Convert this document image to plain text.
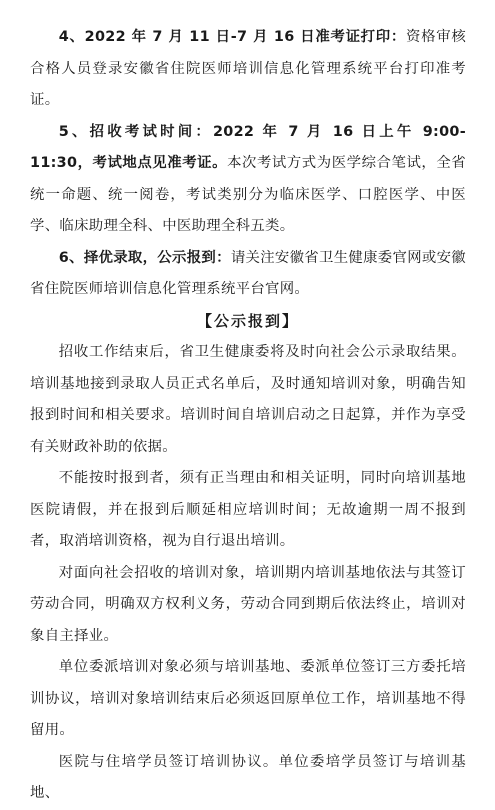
4、2022 年 7 月 11 日-7 月 16 日准考证打印：资格审核合格人员登录安徽省住院医师培训信息化管理系统平台打印准考证。

5、招收考试时间：2022 年 7 月 16 日上午 9:00-11:30，考试地点见准考证。本次考试方式为医学综合笔试，全省统一命题、统一阅卷，考试类别分为临床医学、口腔医学、中医学、临床助理全科、中医助理全科五类。

6、择优录取，公示报到：请关注安徽省卫生健康委官网或安徽省住院医师培训信息化管理系统平台官网。

【公示报到】

招收工作结束后，省卫生健康委将及时向社会公示录取结果。培训基地接到录取人员正式名单后，及时通知培训对象，明确告知报到时间和相关要求。培训时间自培训启动之日起算，并作为享受有关财政补助的依据。

不能按时报到者，须有正当理由和相关证明，同时向培训基地医院请假，并在报到后顺延相应培训时间；无故逾期一周不报到者，取消培训资格，视为自行退出培训。

对面向社会招收的培训对象，培训期内培训基地依法与其签订劳动合同，明确双方权利义务，劳动合同到期后依法终止，培训对象自主择业。

单位委派培训对象必须与培训基地、委派单位签订三方委托培训协议，培训对象培训结束后必须返回原单位工作，培训基地不得留用。

医院与住培学员签订培训协议。单位委培学员签订与培训基地、
